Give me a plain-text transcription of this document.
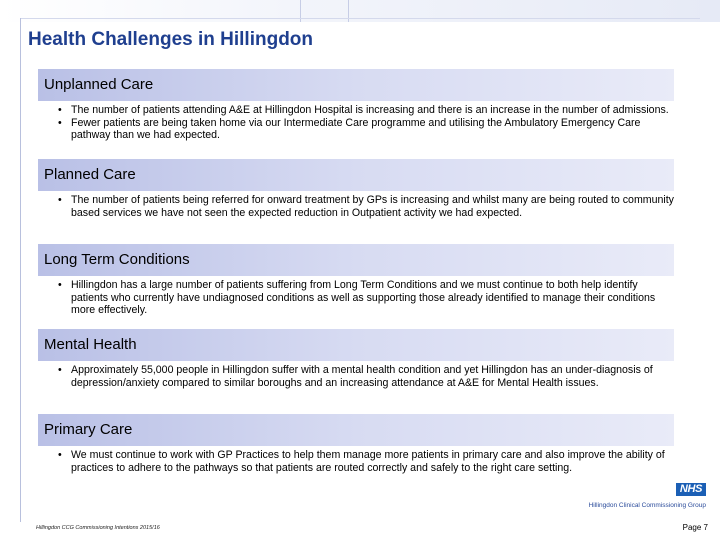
Health Challenges in Hillingdon
Unplanned Care
• The number of patients attending A&E at Hillingdon Hospital is increasing and there is an increase in the number of admissions.
• Fewer patients are being taken home via our Intermediate Care programme and utilising the Ambulatory Emergency Care pathway than we had expected.
Planned Care
• The number of patients being referred for onward treatment by GPs is increasing and whilst many are being routed to community based services we have not seen the expected reduction in Outpatient activity we had expected.
Long Term Conditions
• Hillingdon has a large number of patients suffering from Long Term Conditions and we must continue to both help identify patients who currently have undiagnosed conditions as well as supporting those already identified to manage their conditions more effectively.
Mental Health
• Approximately 55,000 people in Hillingdon suffer with a mental health condition and yet Hillingdon has an under-diagnosis of depression/anxiety compared to similar boroughs and an increasing attendance at A&E for Mental Health issues.
Primary Care
• We must continue to work with GP Practices to help them manage more patients in primary care and also improve the ability of practices to adhere to the pathways so that patients are routed correctly and safely to the right care setting.
NHS
Hillingdon Clinical Commissioning Group
Hillingdon CCG Commissioning Intentions 2015/16	Page 7
